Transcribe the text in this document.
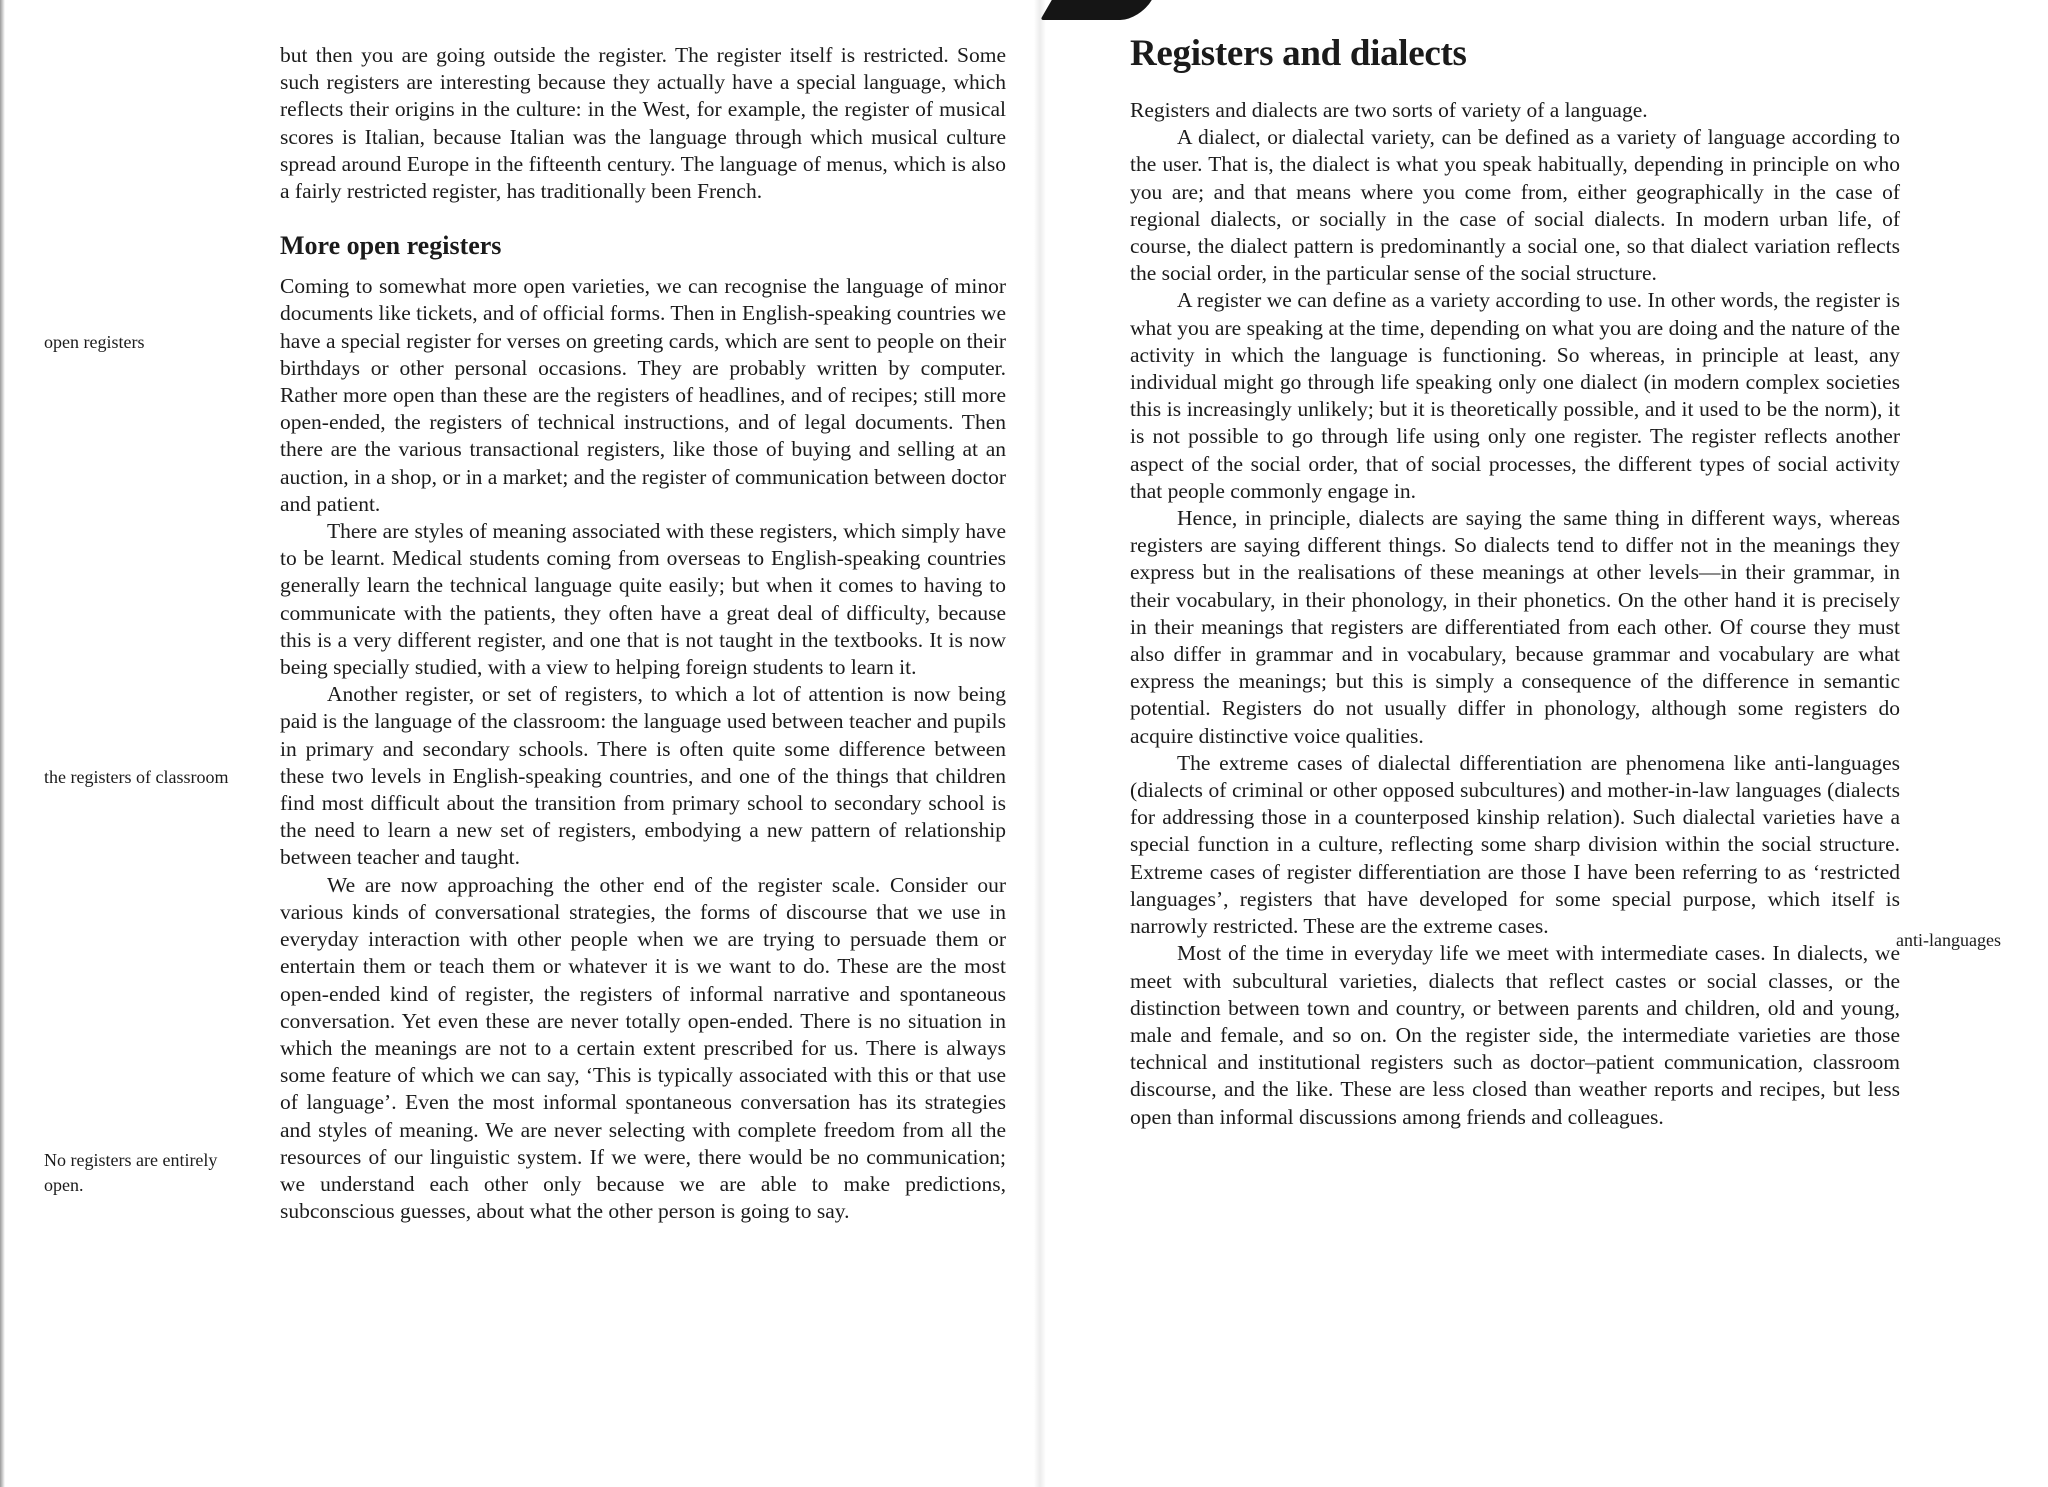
but then you are going outside the register. The register itself is restricted. Some such registers are interesting because they actually have a special language, which reflects their origins in the culture: in the West, for example, the register of musical scores is Italian, because Italian was the language through which musical culture spread around Europe in the fifteenth century. The language of menus, which is also a fairly restricted register, has traditionally been French.

More open registers

Coming to somewhat more open varieties, we can recognise the language of minor documents like tickets, and of official forms. Then in English-speaking countries we have a special register for verses on greeting cards, which are sent to people on their birthdays or other personal occasions. They are probably written by computer. Rather more open than these are the registers of headlines, and of recipes; still more open-ended, the registers of technical instructions, and of legal documents. Then there are the various transactional registers, like those of buying and selling at an auction, in a shop, or in a market; and the register of communication between doctor and patient.

There are styles of meaning associated with these registers, which simply have to be learnt. Medical students coming from overseas to English-speaking countries generally learn the technical language quite easily; but when it comes to having to communicate with the patients, they often have a great deal of difficulty, because this is a very different register, and one that is not taught in the textbooks. It is now being specially studied, with a view to helping foreign students to learn it.

Another register, or set of registers, to which a lot of attention is now being paid is the language of the classroom: the language used between teacher and pupils in primary and secondary schools. There is often quite some difference between these two levels in English-speaking countries, and one of the things that children find most difficult about the transition from primary school to secondary school is the need to learn a new set of registers, embodying a new pattern of relationship between teacher and taught.

We are now approaching the other end of the register scale. Consider our various kinds of conversational strategies, the forms of discourse that we use in everyday interaction with other people when we are trying to persuade them or entertain them or teach them or whatever it is we want to do. These are the most open-ended kind of register, the registers of informal narrative and spontaneous conversation. Yet even these are never totally open-ended. There is no situation in which the meanings are not to a certain extent prescribed for us. There is always some feature of which we can say, ‘This is typically associated with this or that use of language’. Even the most informal spontaneous conversation has its strategies and styles of meaning. We are never selecting with complete freedom from all the resources of our linguistic system. If we were, there would be no communication; we understand each other only because we are able to make predictions, subconscious guesses, about what the other person is going to say.

open registers
the registers of classroom
No registers are entirely open.
Registers and dialects

Registers and dialects are two sorts of variety of a language.

A dialect, or dialectal variety, can be defined as a variety of language according to the user. That is, the dialect is what you speak habitually, depending in principle on who you are; and that means where you come from, either geographically in the case of regional dialects, or socially in the case of social dialects. In modern urban life, of course, the dialect pattern is predominantly a social one, so that dialect variation reflects the social order, in the particular sense of the social structure.

A register we can define as a variety according to use. In other words, the register is what you are speaking at the time, depending on what you are doing and the nature of the activity in which the language is functioning. So whereas, in principle at least, any individual might go through life speaking only one dialect (in modern complex societies this is increasingly unlikely; but it is theoretically possible, and it used to be the norm), it is not possible to go through life using only one register. The register reflects another aspect of the social order, that of social processes, the different types of social activity that people commonly engage in.

Hence, in principle, dialects are saying the same thing in different ways, whereas registers are saying different things. So dialects tend to differ not in the meanings they express but in the realisations of these meanings at other levels—in their grammar, in their vocabulary, in their phonology, in their phonetics. On the other hand it is precisely in their meanings that registers are differentiated from each other. Of course they must also differ in grammar and in vocabulary, because grammar and vocabulary are what express the meanings; but this is simply a consequence of the difference in semantic potential. Registers do not usually differ in phonology, although some registers do acquire distinctive voice qualities.

The extreme cases of dialectal differentiation are phenomena like anti-languages (dialects of criminal or other opposed subcultures) and mother-in-law languages (dialects for addressing those in a counterposed kinship relation). Such dialectal varieties have a special function in a culture, reflecting some sharp division within the social structure. Extreme cases of register differentiation are those I have been referring to as ‘restricted languages’, registers that have developed for some special purpose, which itself is narrowly restricted. These are the extreme cases.

Most of the time in everyday life we meet with intermediate cases. In dialects, we meet with subcultural varieties, dialects that reflect castes or social classes, or the distinction between town and country, or between parents and children, old and young, male and female, and so on. On the register side, the intermediate varieties are those technical and institutional registers such as doctor–patient communication, classroom discourse, and the like. These are less closed than weather reports and recipes, but less open than informal discussions among friends and colleagues.

anti-languages
